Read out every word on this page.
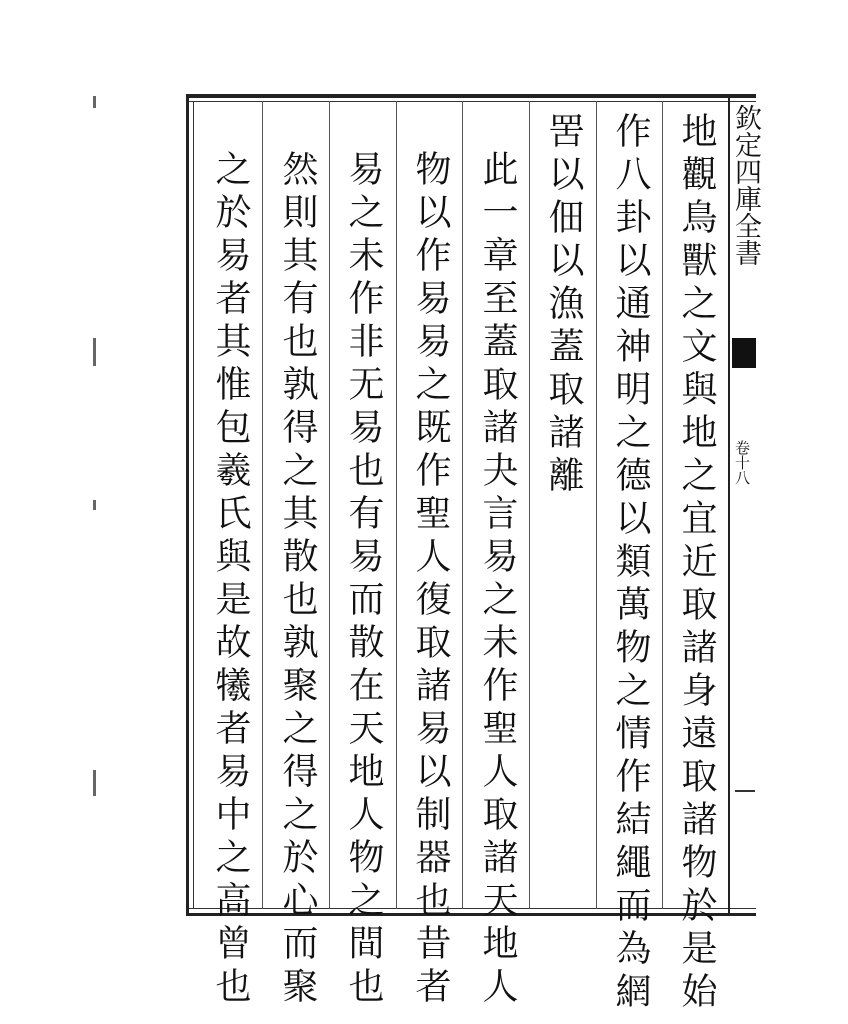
欽定四庫全書
卷十八
地觀鳥獸之文與地之宜近取諸身遠取諸物於是始
作八卦以通神明之德以類萬物之情作結繩而為網
罟以佃以漁蓋取諸離
此一章至蓋取諸夬言易之未作聖人取諸天地人
物以作易易之既作聖人復取諸易以制器也昔者
易之未作非无易也有易而散在天地人物之間也
然則其有也孰得之其散也孰聚之得之於心而聚
之於易者其惟包羲氏與是故犧者易中之高曾也
